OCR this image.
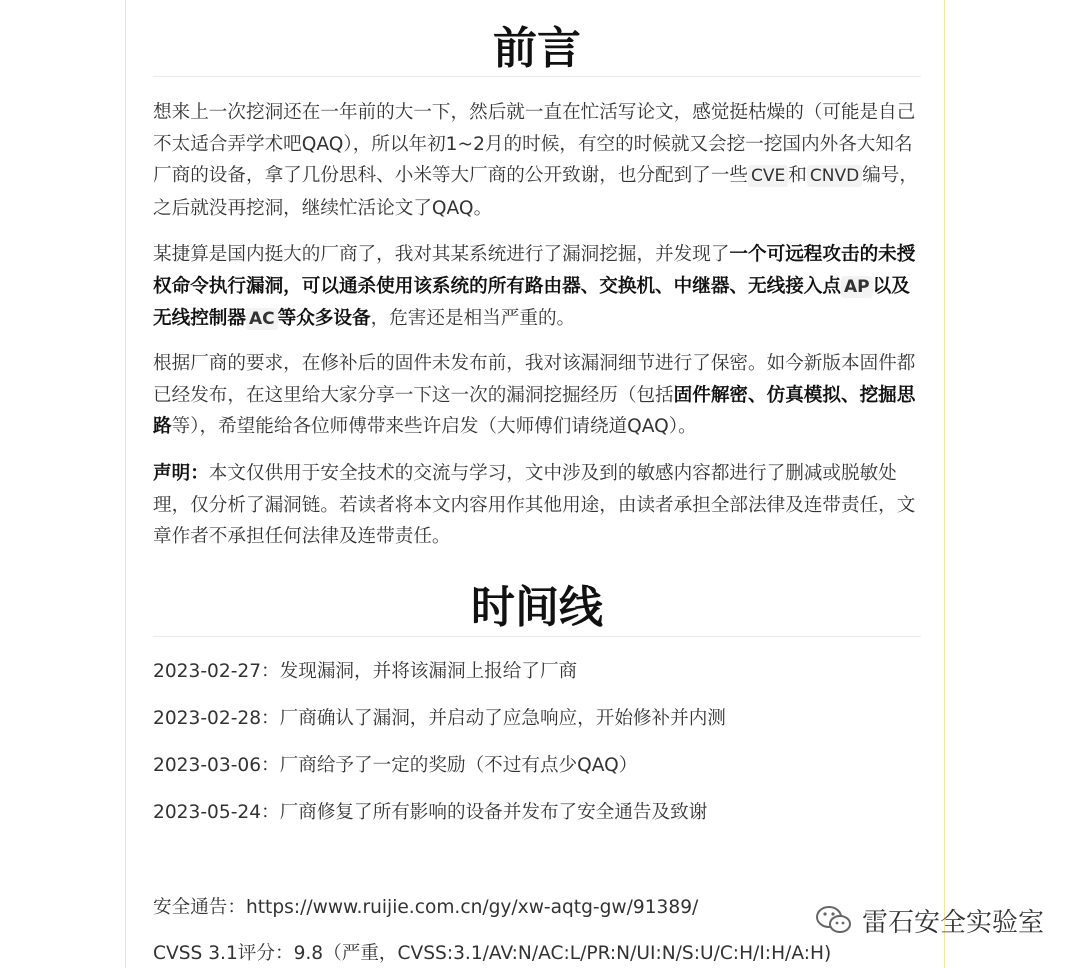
前言

想来上一次挖洞还在一年前的大一下，然后就一直在忙活写论文，感觉挺枯燥的（可能是自己不太适合弄学术吧QAQ），所以年初1~2月的时候，有空的时候就又会挖一挖国内外各大知名厂商的设备，拿了几份思科、小米等大厂商的公开致谢，也分配到了一些 CVE 和 CNVD 编号，之后就没再挖洞，继续忙活论文了QAQ。

某捷算是国内挺大的厂商了，我对其某系统进行了漏洞挖掘，并发现了一个可远程攻击的未授权命令执行漏洞，可以通杀使用该系统的所有路由器、交换机、中继器、无线接入点 AP 以及无线控制器 AC 等众多设备，危害还是相当严重的。

根据厂商的要求，在修补后的固件未发布前，我对该漏洞细节进行了保密。如今新版本固件都已经发布，在这里给大家分享一下这一次的漏洞挖掘经历（包括固件解密、仿真模拟、挖掘思路等），希望能给各位师傅带来些许启发（大师傅们请绕道QAQ）。

声明：本文仅供用于安全技术的交流与学习，文中涉及到的敏感内容都进行了删减或脱敏处理，仅分析了漏洞链。若读者将本文内容用作其他用途，由读者承担全部法律及连带责任，文章作者不承担任何法律及连带责任。

时间线

2023-02-27：发现漏洞，并将该漏洞上报给了厂商

2023-02-28：厂商确认了漏洞，并启动了应急响应，开始修补并内测

2023-03-06：厂商给予了一定的奖励（不过有点少QAQ）

2023-05-24：厂商修复了所有影响的设备并发布了安全通告及致谢

安全通告：https://www.ruijie.com.cn/gy/xw-aqtg-gw/91389/

CVSS 3.1评分：9.8（严重，CVSS:3.1/AV:N/AC:L/PR:N/UI:N/S:U/C:H/I:H/A:H)

雷石安全实验室
